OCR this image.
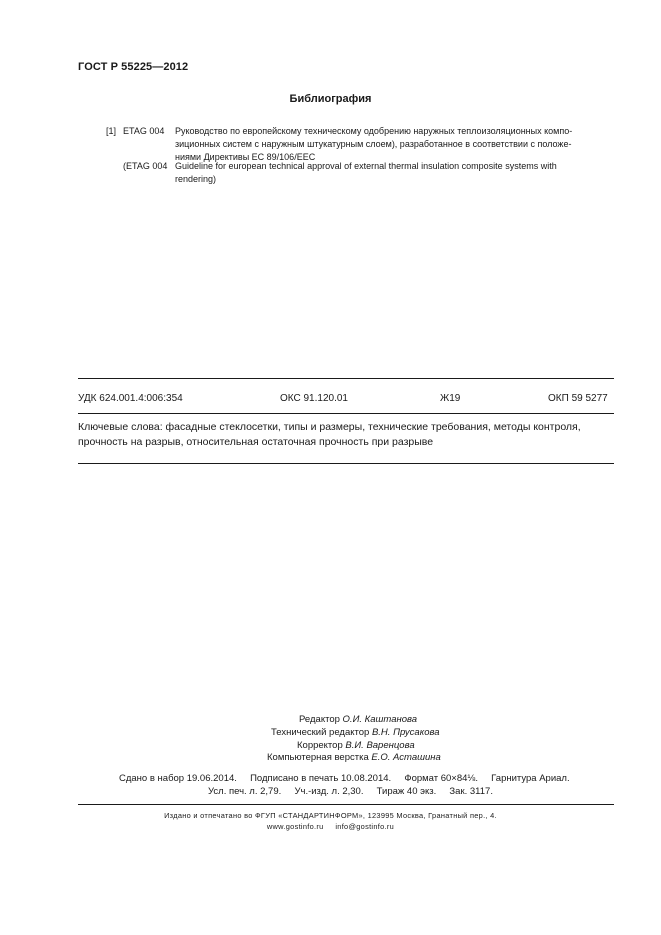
ГОСТ Р 55225—2012
Библиография
[1] ETAG 004 Руководство по европейскому техническому одобрению наружных теплоизоляционных компо-
зиционных систем с наружным штукатурным слоем), разработанное в соответствии с положе-
ниями Директивы ЕС 89/106/ЕЕС
(ETAG 004 Guideline for european technical approval of external thermal insulation composite systems with
rendering)
УДК 624.001.4:006:354	ОКС 91.120.01	Ж19	ОКП 59 5277
Ключевые слова: фасадные стеклосетки, типы и размеры, технические требования, методы контроля,
прочность на разрыв, относительная остаточная прочность при разрыве
Редактор О.И. Каштанова
Технический редактор В.Н. Прусакова
Корректор В.И. Варенцова
Компьютерная верстка Е.О. Асташина
Сдано в набор 19.06.2014.     Подписано в печать 10.08.2014.     Формат 60×84⅛.     Гарнитура Ариал.
Усл. печ. л. 2,79.     Уч.-изд. л. 2,30.     Тираж 40 экз.     Зак. 3117.
Издано и отпечатано во ФГУП «СТАНДАРТИНФОРМ», 123995 Москва, Гранатный пер., 4.
www.gostinfo.ru     info@gostinfo.ru
